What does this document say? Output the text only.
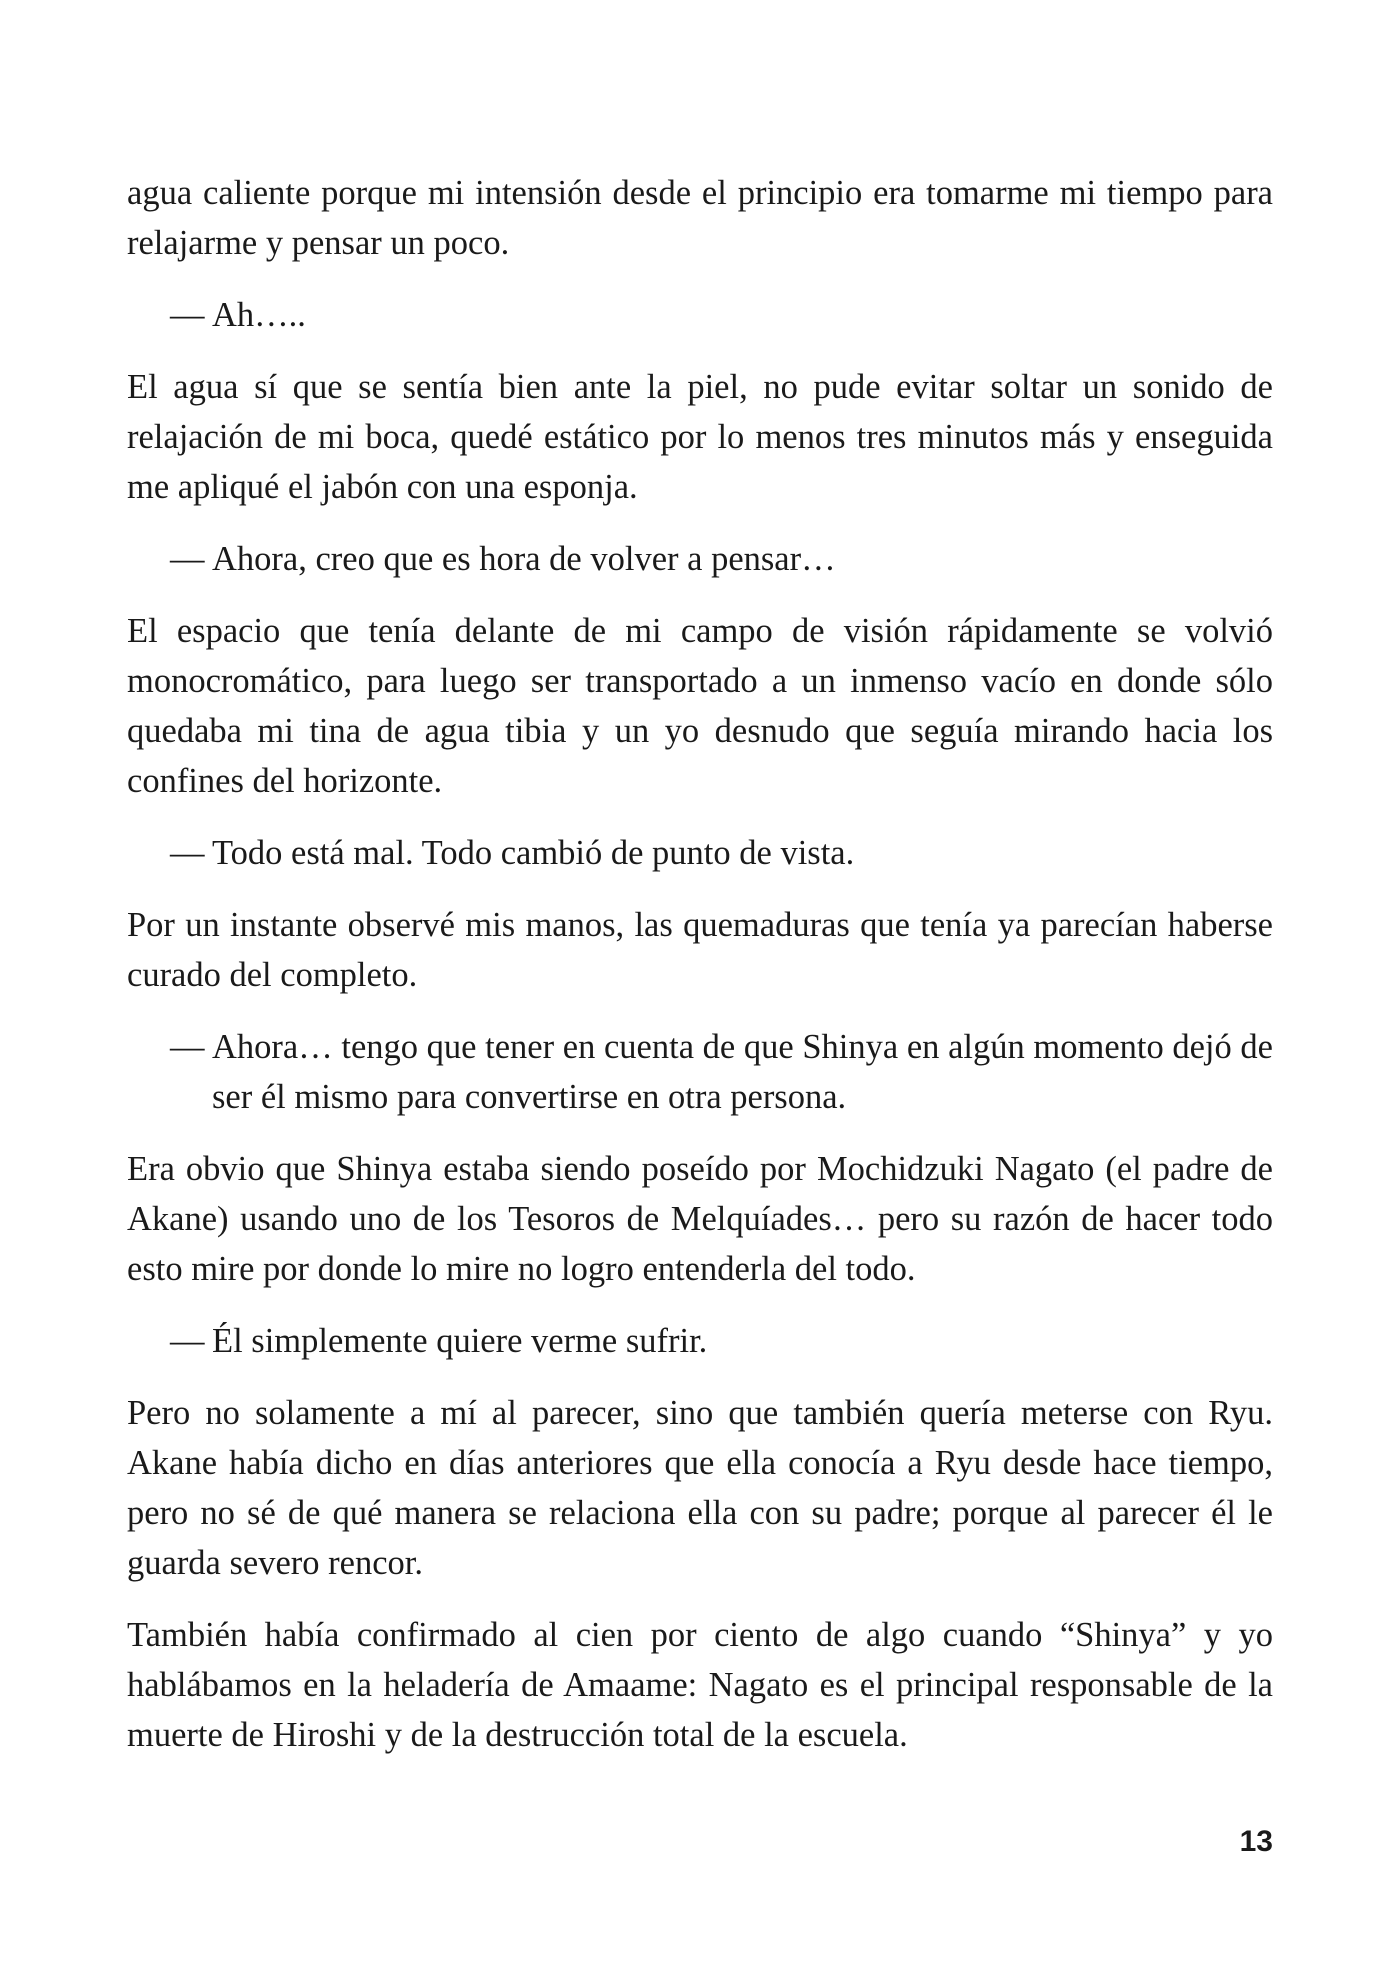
agua caliente porque mi intensión desde el principio era tomarme mi tiempo para relajarme y pensar un poco.

— Ah…..

El agua sí que se sentía bien ante la piel, no pude evitar soltar un sonido de relajación de mi boca, quedé estático por lo menos tres minutos más y enseguida me apliqué el jabón con una esponja.

— Ahora, creo que es hora de volver a pensar…

El espacio que tenía delante de mi campo de visión rápidamente se volvió monocromático, para luego ser transportado a un inmenso vacío en donde sólo quedaba mi tina de agua tibia y un yo desnudo que seguía mirando hacia los confines del horizonte.

— Todo está mal. Todo cambió de punto de vista.

Por un instante observé mis manos, las quemaduras que tenía ya parecían haberse curado del completo.

— Ahora… tengo que tener en cuenta de que Shinya en algún momento dejó de ser él mismo para convertirse en otra persona.

Era obvio que Shinya estaba siendo poseído por Mochidzuki Nagato (el padre de Akane) usando uno de los Tesoros de Melquíades… pero su razón de hacer todo esto mire por donde lo mire no logro entenderla del todo.

— Él simplemente quiere verme sufrir.

Pero no solamente a mí al parecer, sino que también quería meterse con Ryu. Akane había dicho en días anteriores que ella conocía a Ryu desde hace tiempo, pero no sé de qué manera se relaciona ella con su padre; porque al parecer él le guarda severo rencor.

También había confirmado al cien por ciento de algo cuando “Shinya” y yo hablábamos en la heladería de Amaame: Nagato es el principal responsable de la muerte de Hiroshi y de la destrucción total de la escuela.

13
